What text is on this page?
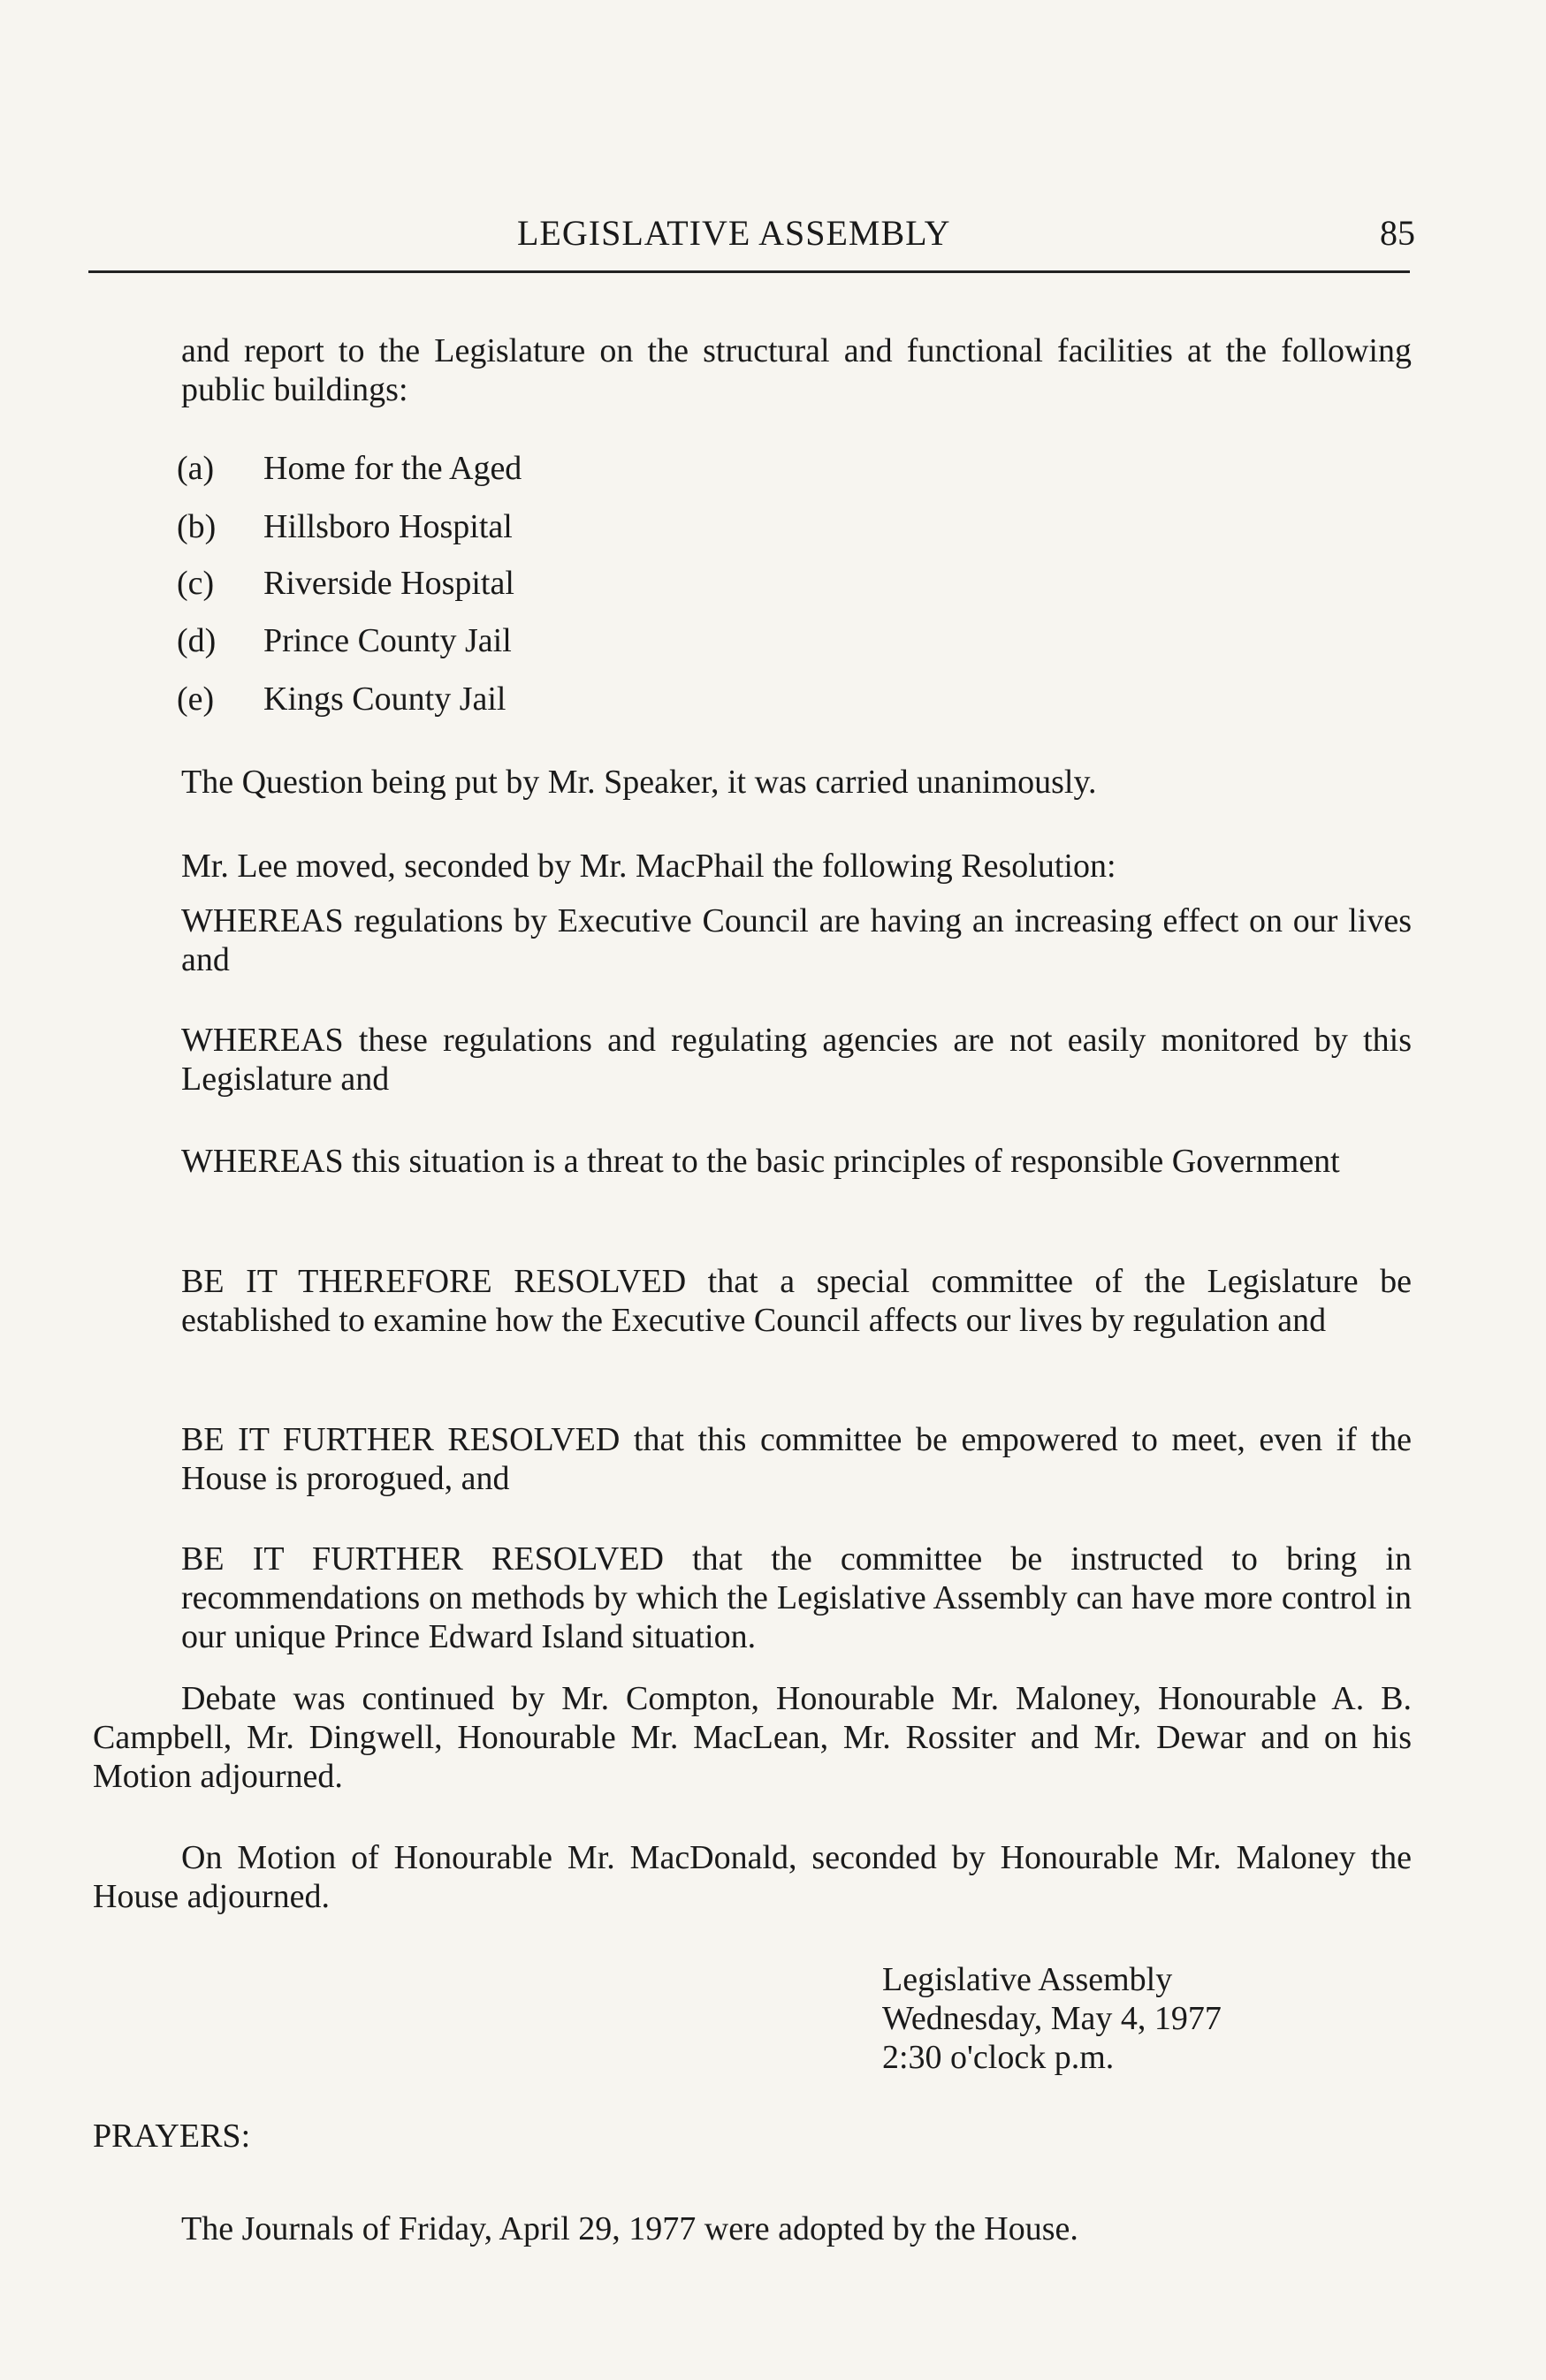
LEGISLATIVE ASSEMBLY	85

and report to the Legislature on the structural and functional facilities at the following public buildings:

(a) Home for the Aged
(b) Hillsboro Hospital
(c) Riverside Hospital
(d) Prince County Jail
(e) Kings County Jail

The Question being put by Mr. Speaker, it was carried unanimously.

Mr. Lee moved, seconded by Mr. MacPhail the following Resolution:

WHEREAS regulations by Executive Council are having an increasing effect on our lives and

WHEREAS these regulations and regulating agencies are not easily monitored by this Legislature and

WHEREAS this situation is a threat to the basic principles of responsible Government

BE IT THEREFORE RESOLVED that a special committee of the Legislature be established to examine how the Executive Council affects our lives by regulation and

BE IT FURTHER RESOLVED that this committee be empowered to meet, even if the House is prorogued, and

BE IT FURTHER RESOLVED that the committee be instructed to bring in recommendations on methods by which the Legislative Assembly can have more control in our unique Prince Edward Island situation.

Debate was continued by Mr. Compton, Honourable Mr. Maloney, Honourable A. B. Campbell, Mr. Dingwell, Honourable Mr. MacLean, Mr. Rossiter and Mr. Dewar and on his Motion adjourned.

On Motion of Honourable Mr. MacDonald, seconded by Honourable Mr. Maloney the House adjourned.

Legislative Assembly
Wednesday, May 4, 1977
2:30 o'clock p.m.
PRAYERS:

The Journals of Friday, April 29, 1977 were adopted by the House.
